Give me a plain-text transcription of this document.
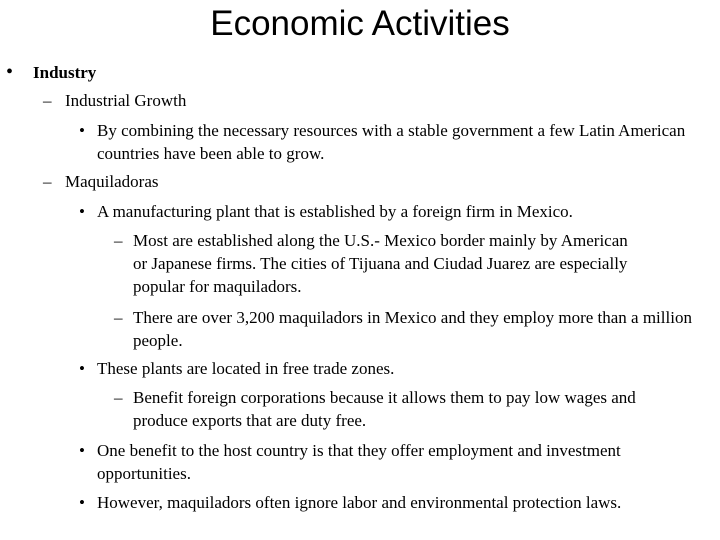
Economic Activities
• Industry
– Industrial Growth
• By combining the necessary resources with a stable government a few Latin American countries have been able to grow.
– Maquiladoras
• A manufacturing plant that is established by a foreign firm in Mexico.
– Most are established along the U.S.- Mexico border mainly by American or Japanese firms. The cities of Tijuana and Ciudad Juarez are especially popular for maquiladors.
– There are over 3,200 maquiladors in Mexico and they employ more than a million people.
• These plants are located in free trade zones.
– Benefit foreign corporations because it allows them to pay low wages and produce exports that are duty free.
• One benefit to the host country is that they offer employment and investment opportunities.
• However, maquiladors often ignore labor and environmental protection laws.
